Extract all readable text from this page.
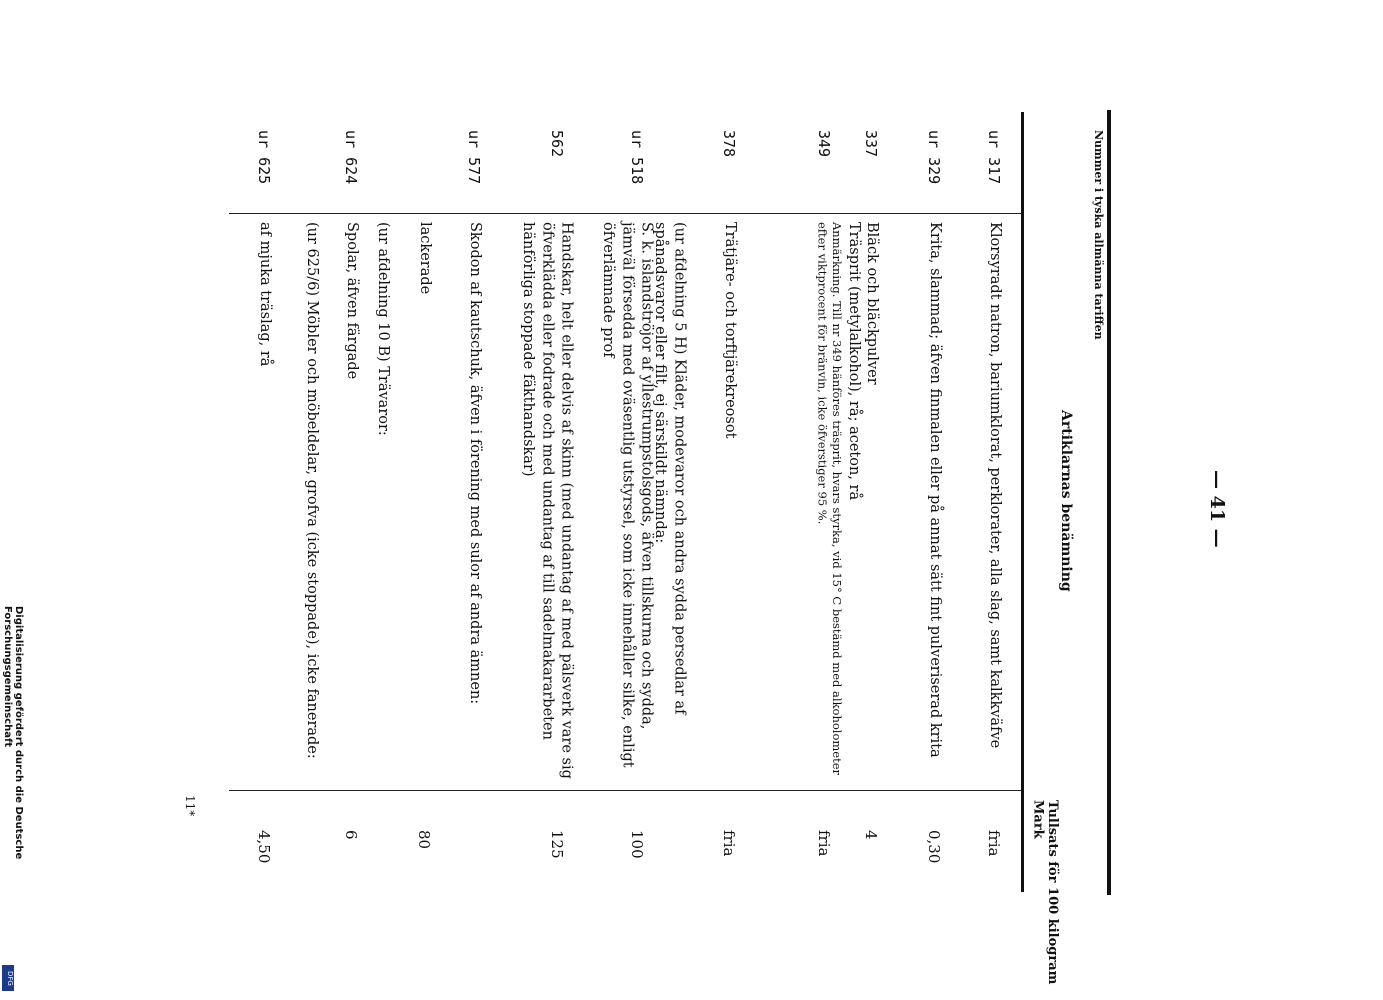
— 41 —
Nummer i tyska allmänna tariffen
Artiklarnas benämning
Tullsats för 100 kilogram Mark
ur 317
Klorsyradt natron, bariumklorat, perklorater, alla slag, samt kalkkväfve
fria
ur 329
Krita, slammad; äfven finmalen eller på annat sätt fint pulveriserad krita
0,30
337
Bläck och bläckpulver
4
349
Träsprit (metylalkohol), rå; aceton, rå
Anmärkning. Till nr 349 hänföres träsprit, hvars styrka, vid 15° C bestämd med alkoholometer efter viktprocent för bränvin, icke öfverstiger 95 %.
fria
378
Trätjäre- och torftjärekreosot
fria
(ur afdelning 5 H) Kläder, modevaror och andra sydda persedlar af spånadsvaror eller filt, ej särskildt nämnda:
ur 518
S. k. islandströjor af yllestrumpstolsgods, äfven tillskurna och sydda, jämväl försedda med oväsentlig utstyrsel, som icke innehåller silke, enligt öfverlämnade prof
100
562
Handskar, helt eller delvis af skinn (med undantag af med pälsverk vare sig öfverklädda eller fodrade och med undantag af till sadelmakararbeten hänförliga stoppade fäkthandskar)
125
ur 577
Skodon af kautschuk, äfven i förening med sulor af andra ämnen:
lackerade
80
(ur afdelning 10 B) Trävaror:
ur 624
Spolar, äfven färgade
6
(ur 625/6) Möbler och möbeldelar, grofva (icke stoppade), icke fanerade:
ur 625
af mjuka träslag, rå
4,50
11*
Digitalisierung gefördert durch die Deutsche Forschungsgemeinschaft
DFG
